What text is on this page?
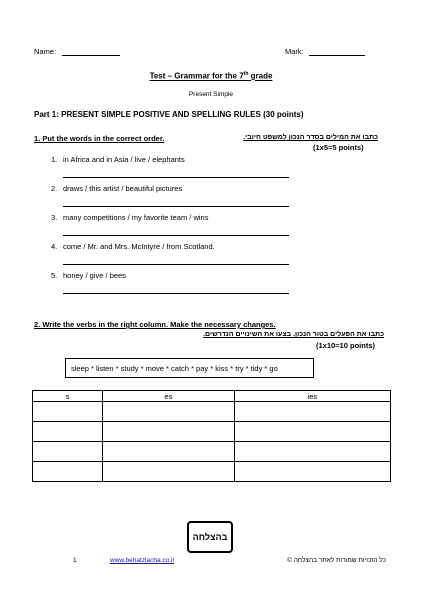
Name:	Mark:
Test – Grammar for the 7th grade
Present Simple
Part 1: PRESENT SIMPLE POSITIVE AND SPELLING RULES (30 points)
1. Put the words in the correct order.	כתבו את המילים בסדר הנכון למשפט חיובי.
(1x5=5 points)
1. in Africa and in Asia / live / elephants
2. draws / this artist / beautiful pictures
3. many competitions / my favorite team / wins
4. come / Mr. and Mrs. McIntyre / from Scotland.
5. honey / give / bees
2. Write the verbs in the right column. Make the necessary changes.
כתבו את הפעלים בטור הנכון. בצעו את השינויים הנדרשים.
(1x10=10 points)
sleep * listen * study * move * catch * pay * kiss * try * tidy * go
s	es	ies

בהצלחה
1	www.behatzlacha.co.il	כל הזכויות שמורות לאתר בהצלחה ©
